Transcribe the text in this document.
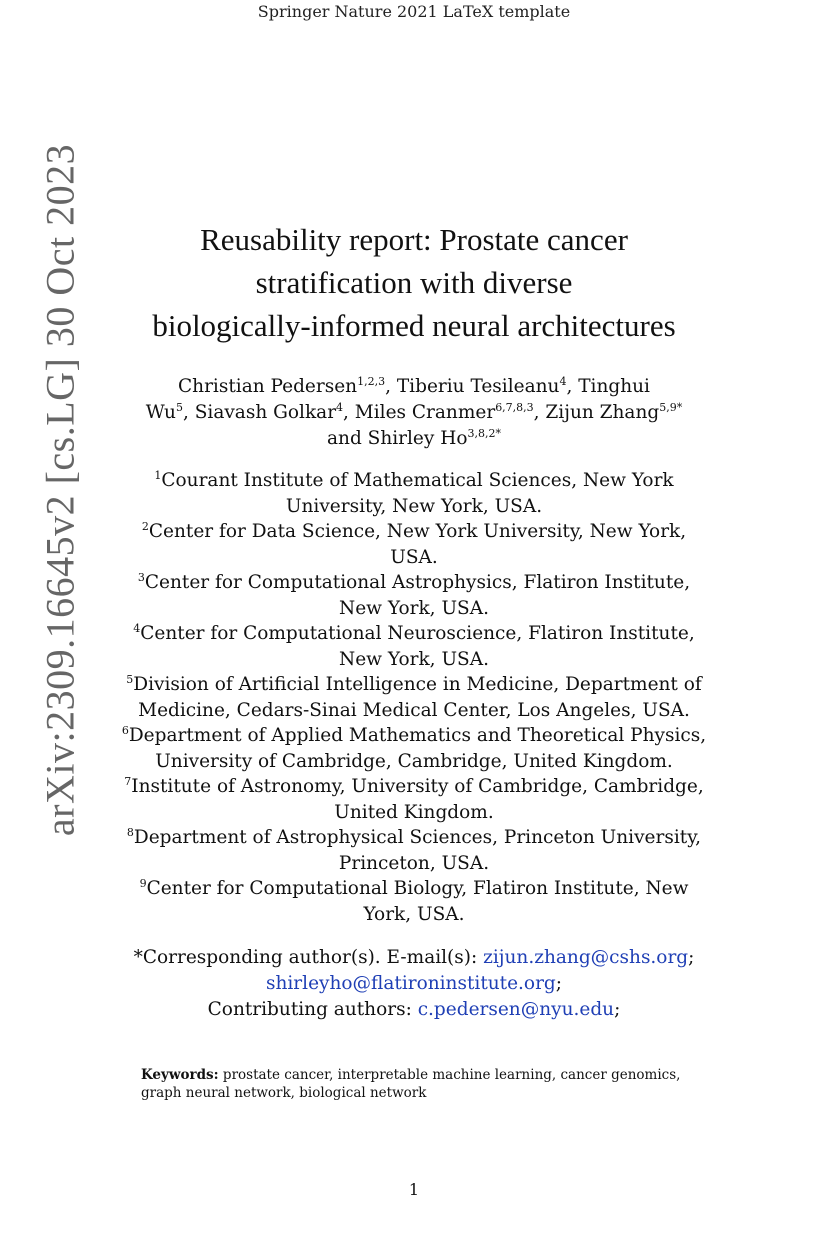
Springer Nature 2021 LaTeX template
arXiv:2309.16645v2 [cs.LG] 30 Oct 2023	Reusability report: Prostate cancer
stratification with diverse
biologically-informed neural architectures
Christian Pedersen$^{1,2,3}$, Tiberiu Tesileanu$^4$, Tinghui
Wu$^5$, Siavash Golkar$^4$, Miles Cranmer$^{6,7,8,3}$, Zijun Zhang$^{5,9*}$
and Shirley $Ho^{3,8,2*}$
$^1$Courant Institute of Mathematical Sciences, New York University, New York, USA.
$^2$Center for Data Science, New York University, New York, USA.
$^3$Center for Computational Astrophysics, Flatiron Institute, New York, USA.
$^4$Center for Computational Neuroscience, Flatiron Institute, New York, USA.
$^5$Division of Artificial Intelligence in Medicine, Department of Medicine, Cedars-Sinai Medical Center, Los Angeles, USA.
$^6$Department of Applied Mathematics and Theoretical Physics, University of Cambridge, Cambridge, United Kingdom.
$^7$Institute of Astronomy, University of Cambridge, Cambridge, United Kingdom.
$^8$Department of Astrophysical Sciences, Princeton University, Princeton, USA.
$^9$Center for Computational Biology, Flatiron Institute, New York, USA.
*Corresponding author(s). E-mail(s): zijun.zhang@cshs.org;
shirleyho@flatironinstitute.org;
Contributing authors: c.pedersen@nyu.edu;
Keywords: prostate cancer, interpretable machine learning, cancer genomics, graph neural network, biological network
1
